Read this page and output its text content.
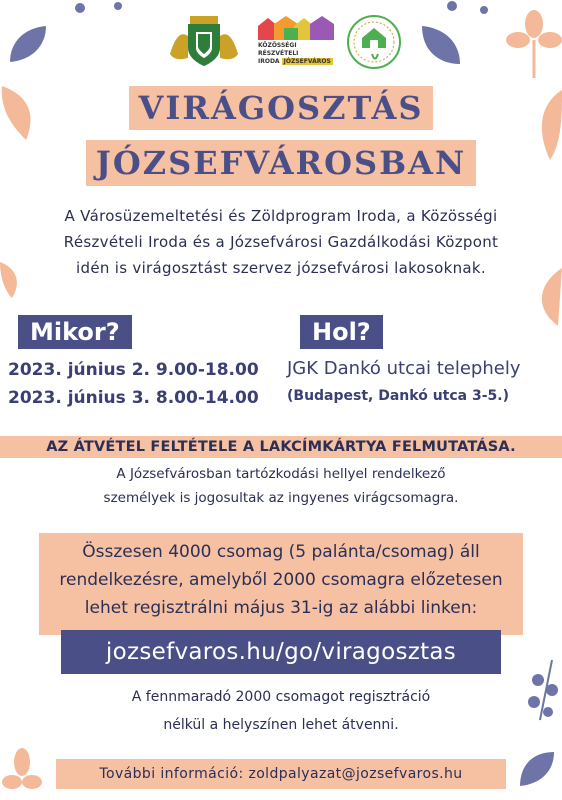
KÖZÖSSÉGI RÉSZVÉTELI
IRODA JÓZSEFVÁROS
VIRÁGOSZTÁS
JÓZSEFVÁROSBAN
A Városüzemeltetési és Zöldprogram Iroda, a Közösségi
Részvételi Iroda és a Józsefvárosi Gazdálkodási Központ
idén is virágosztást szervez józsefvárosi lakosoknak.
Mikor?
2023. június 2. 9.00-18.00
2023. június 3. 8.00-14.00
Hol?
JGK Dankó utcai telephely
(Budapest, Dankó utca 3-5.)
AZ ÁTVÉTEL FELTÉTELE A LAKCÍMKÁRTYA FELMUTATÁSA.
A Józsefvárosban tartózkodási hellyel rendelkező
személyek is jogosultak az ingyenes virágcsomagra.
Összesen 4000 csomag (5 palánta/csomag) áll
rendelkezésre, amelyből 2000 csomagra előzetesen
lehet regisztrálni május 31-ig az alábbi linken:
jozsefvaros.hu/go/viragosztas
A fennmaradó 2000 csomagot regisztráció
nélkül a helyszínen lehet átvenni.
További információ: zoldpalyazat@jozsefvaros.hu
